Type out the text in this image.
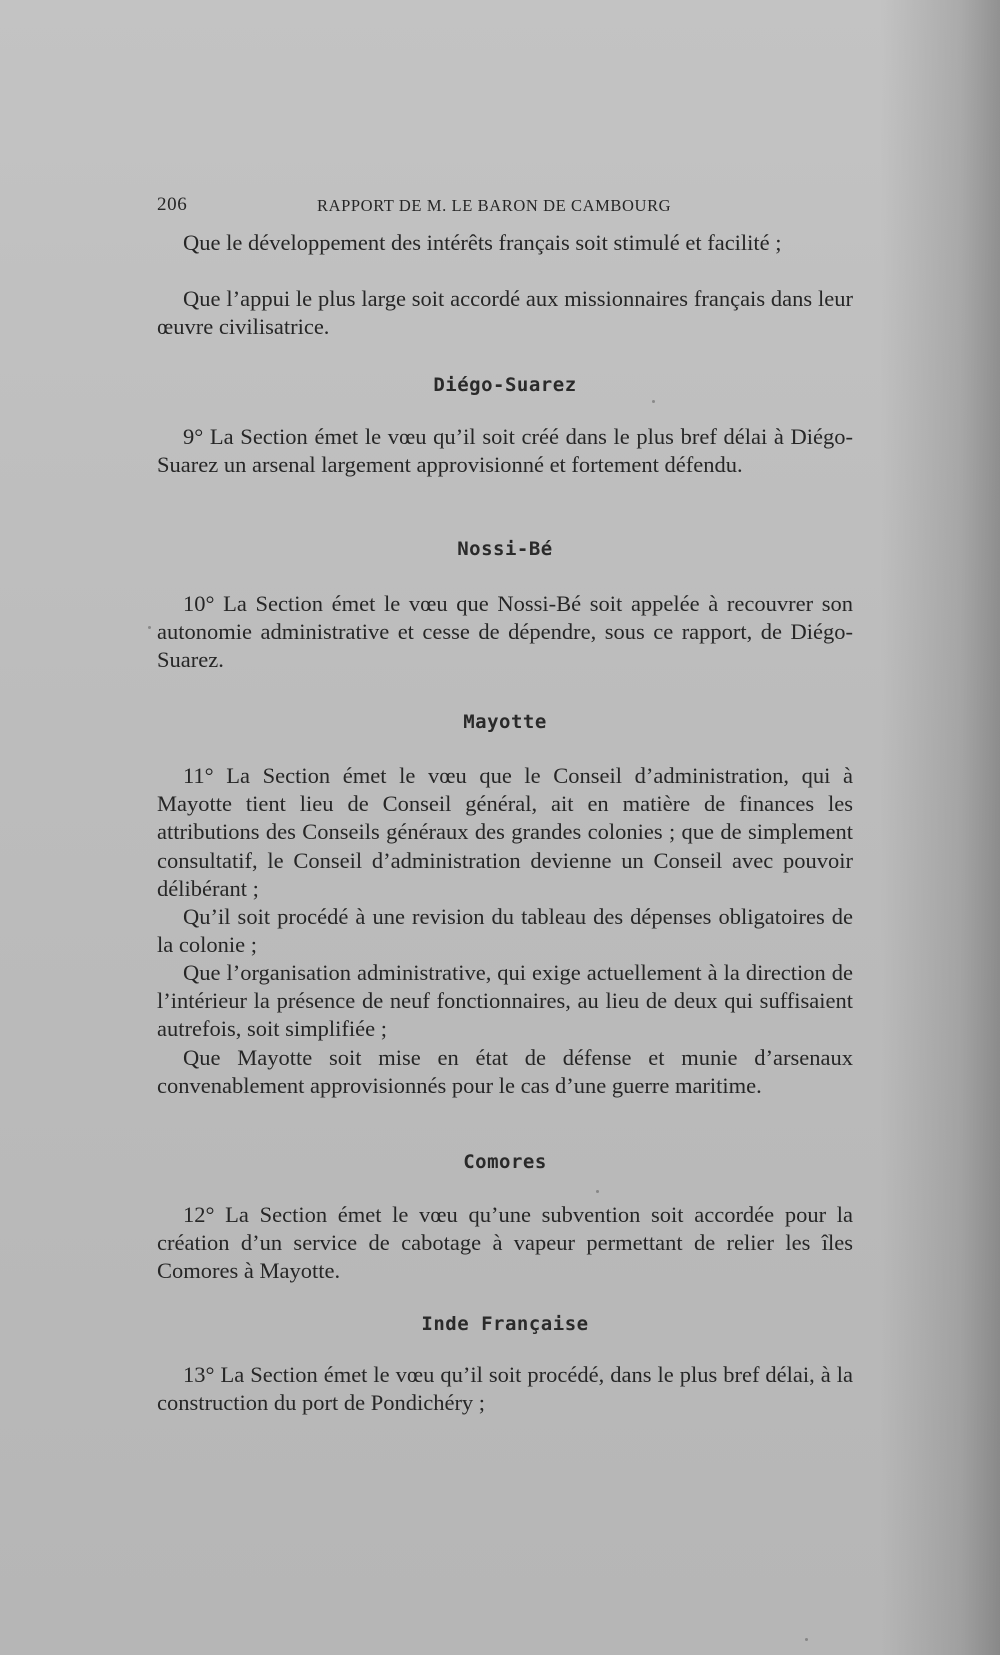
206	RAPPORT DE M. LE BARON DE CAMBOURG

Que le développement des intérêts français soit stimulé et facilité ;

Que l’appui le plus large soit accordé aux missionnaires français dans leur œuvre civilisatrice.

Diégo-Suarez

9° La Section émet le vœu qu’il soit créé dans le plus bref délai à Diégo-Suarez un arsenal largement approvisionné et fortement défendu.

Nossi-Bé

10° La Section émet le vœu que Nossi-Bé soit appelée à recouvrer son autonomie administrative et cesse de dépendre, sous ce rapport, de Diégo-Suarez.

Mayotte

11° La Section émet le vœu que le Conseil d’administration, qui à Mayotte tient lieu de Conseil général, ait en matière de finances les attributions des Conseils généraux des grandes colonies ; que de simplement consultatif, le Conseil d’administration devienne un Conseil avec pouvoir délibérant ;

Qu’il soit procédé à une revision du tableau des dépenses obligatoires de la colonie ;

Que l’organisation administrative, qui exige actuellement à la direction de l’intérieur la présence de neuf fonctionnaires, au lieu de deux qui suffisaient autrefois, soit simplifiée ;

Que Mayotte soit mise en état de défense et munie d’arsenaux convenablement approvisionnés pour le cas d’une guerre maritime.

Comores

12° La Section émet le vœu qu’une subvention soit accordée pour la création d’un service de cabotage à vapeur permettant de relier les îles Comores à Mayotte.

Inde Française

13° La Section émet le vœu qu’il soit procédé, dans le plus bref délai, à la construction du port de Pondichéry ;
